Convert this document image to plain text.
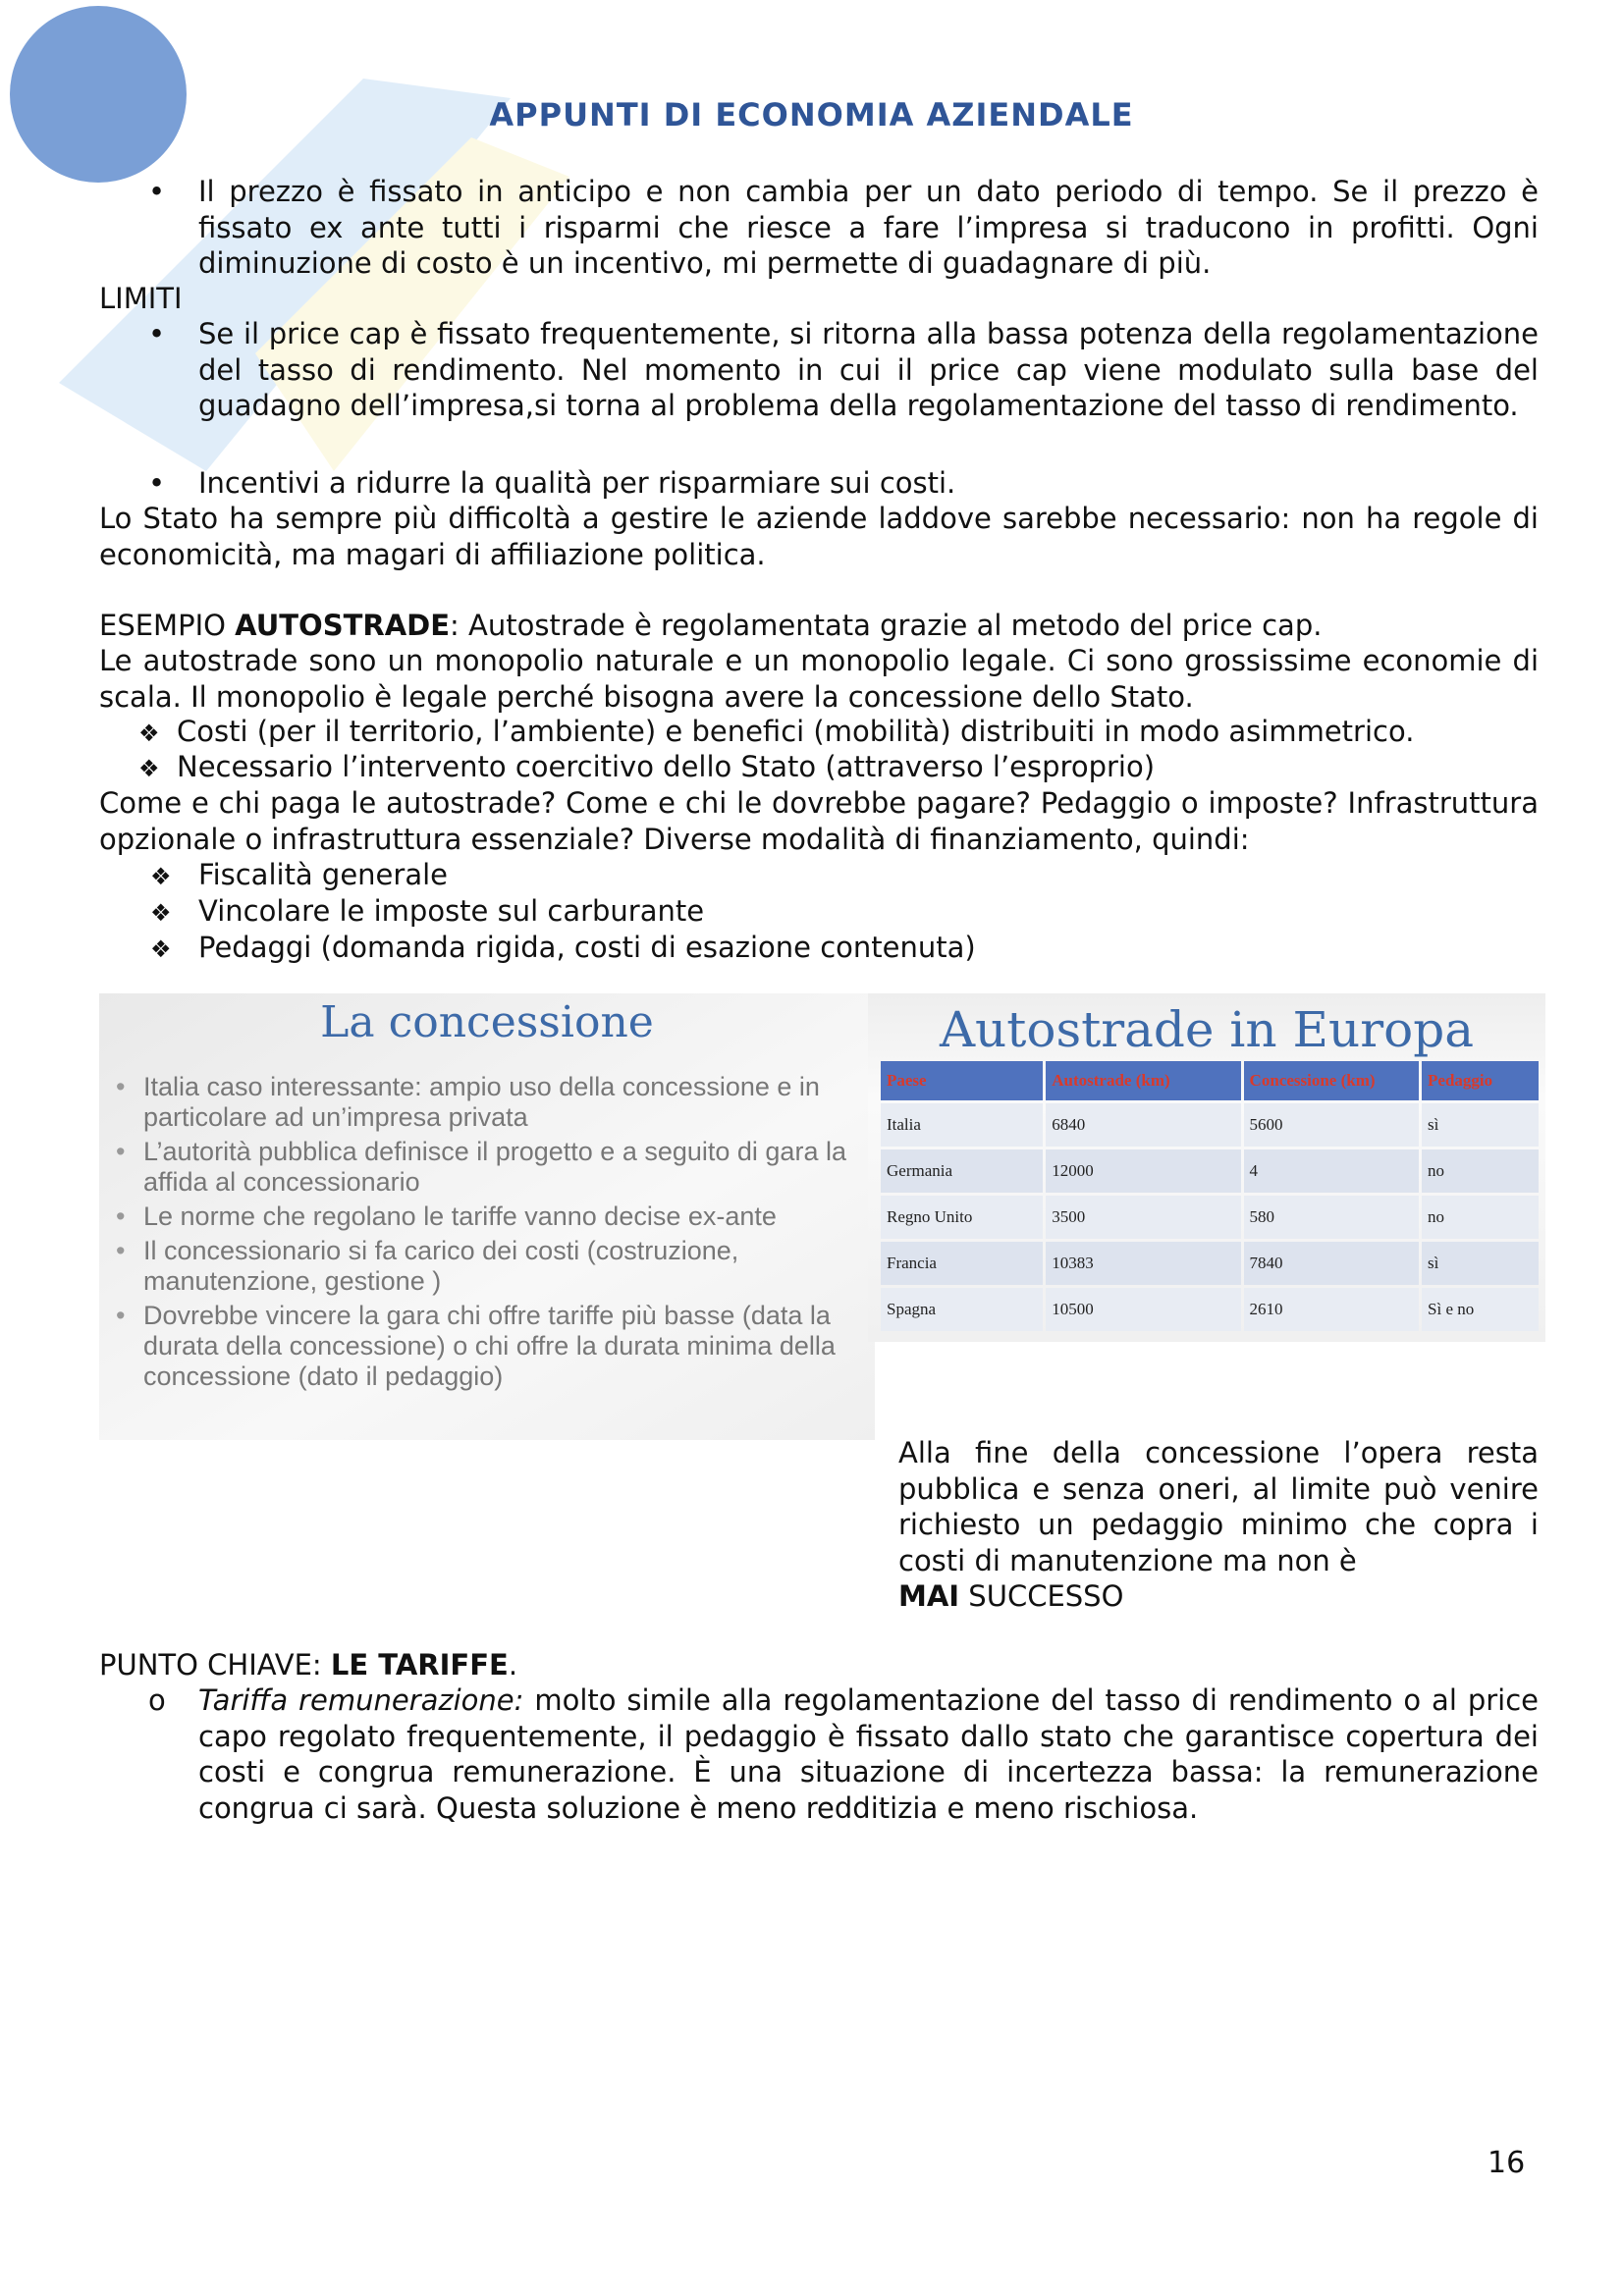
APPUNTI DI ECONOMIA AZIENDALE
• Il prezzo è fissato in anticipo e non cambia per un dato periodo di tempo. Se il prezzo è fissato ex ante tutti i risparmi che riesce a fare l’impresa si traducono in profitti. Ogni diminuzione di costo è un incentivo, mi permette di guadagnare di più.
LIMITI
• Se il price cap è fissato frequentemente, si ritorna alla bassa potenza della regolamentazione del tasso di rendimento. Nel momento in cui il price cap viene modulato sulla base del guadagno dell’impresa,si torna al problema della regolamentazione del tasso di rendimento.
• Incentivi a ridurre la qualità per risparmiare sui costi.
Lo Stato ha sempre più difficoltà a gestire le aziende laddove sarebbe necessario: non ha regole di economicità, ma magari di affiliazione politica.
ESEMPIO AUTOSTRADE: Autostrade è regolamentata grazie al metodo del price cap.
Le autostrade sono un monopolio naturale e un monopolio legale. Ci sono grossissime economie di scala. Il monopolio è legale perché bisogna avere la concessione dello Stato.
❖ Costi (per il territorio, l’ambiente) e benefici (mobilità) distribuiti in modo asimmetrico.
❖ Necessario l’intervento coercitivo dello Stato (attraverso l’esproprio)
Come e chi paga le autostrade? Come e chi le dovrebbe pagare? Pedaggio o imposte? Infrastruttura opzionale o infrastruttura essenziale? Diverse modalità di finanziamento, quindi:
❖ Fiscalità generale
❖ Vincolare le imposte sul carburante
❖ Pedaggi (domanda rigida, costi di esazione contenuta)
La concessione
• Italia caso interessante: ampio uso della concessione e in particolare ad un’impresa privata
• L’autorità pubblica definisce il progetto e a seguito di gara la affida al concessionario
• Le norme che regolano le tariffe vanno decise ex-ante
• Il concessionario si fa carico dei costi (costruzione, manutenzione, gestione )
• Dovrebbe vincere la gara chi offre tariffe più basse (data la durata della concessione) o chi offre la durata minima della concessione (dato il pedaggio)
Autostrade in Europa
Paese	Autostrade (km)	Concessione (km)	Pedaggio
Italia	6840	5600	sì
Germania	12000	4	no
Regno Unito	3500	580	no
Francia	10383	7840	sì
Spagna	10500	2610	Sì e no
Alla fine della concessione l’opera resta pubblica e senza oneri, al limite può venire richiesto un pedaggio minimo che copra i costi di manutenzione ma non è
MAI SUCCESSO
PUNTO CHIAVE: LE TARIFFE.
o Tariffa remunerazione: molto simile alla regolamentazione del tasso di rendimento o al price capo regolato frequentemente, il pedaggio è fissato dallo stato che garantisce copertura dei costi e congrua remunerazione. È una situazione di incertezza bassa: la remunerazione congrua ci sarà. Questa soluzione è meno redditizia e meno rischiosa.
16
